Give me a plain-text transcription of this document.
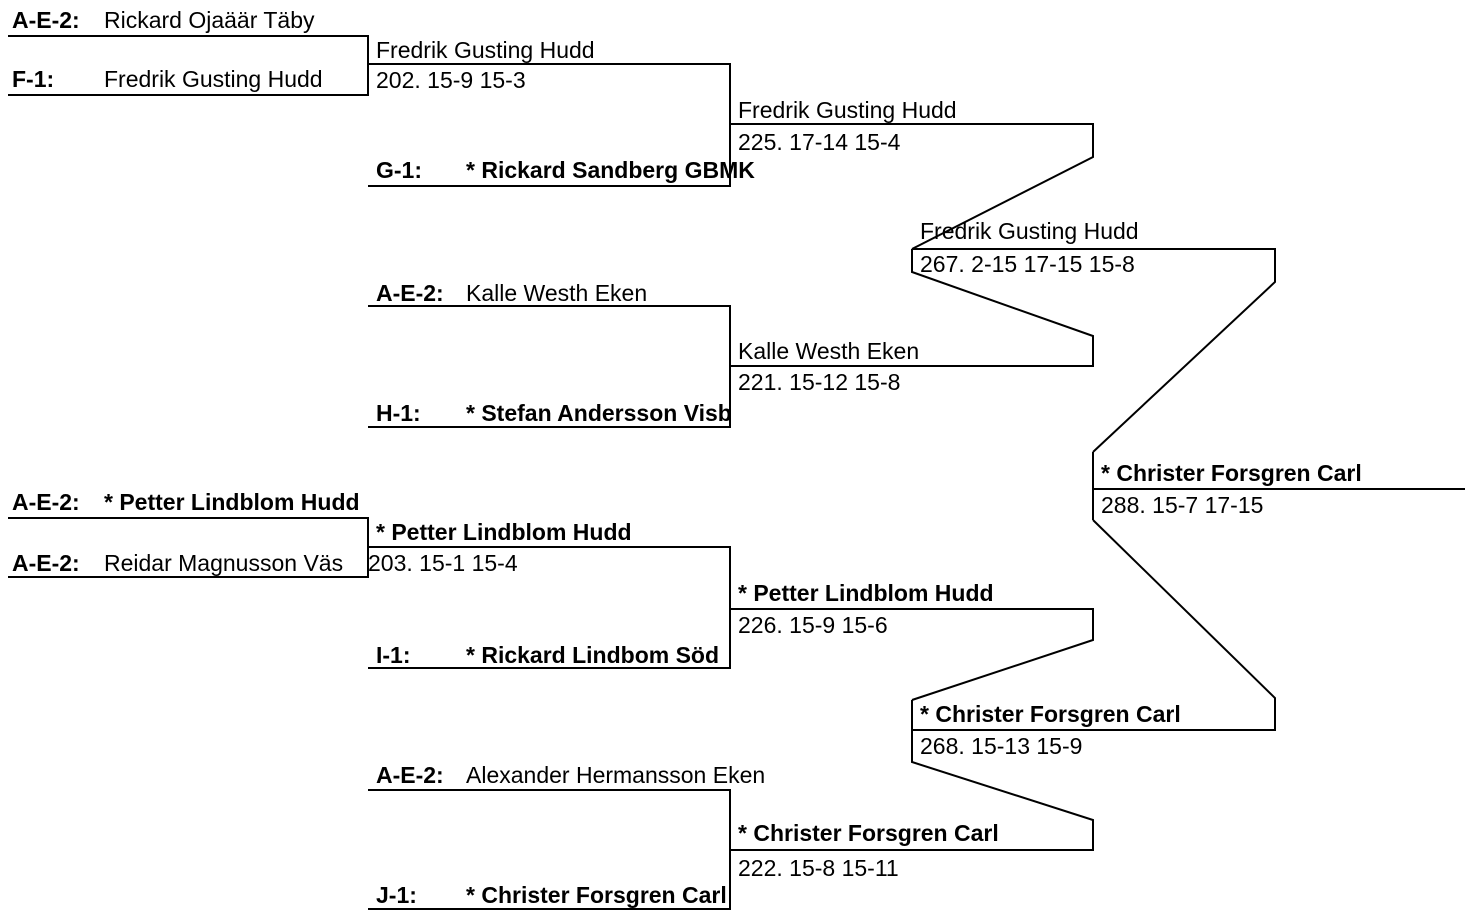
A-E-2: Rickard Ojaäär Täby
F-1: Fredrik Gusting Hudd
A-E-2: * Petter Lindblom Hudd
A-E-2: Reidar Magnusson Väs
Fredrik Gusting Hudd
202. 15-9 15-3
G-1: * Rickard Sandberg GBMK
A-E-2: Kalle Westh Eken
H-1: * Stefan Andersson Visb
* Petter Lindblom Hudd
203. 15-1 15-4
I-1: * Rickard Lindbom Söd
A-E-2: Alexander Hermansson Eken
J-1: * Christer Forsgren Carl
Fredrik Gusting Hudd
225. 17-14 15-4
Kalle Westh Eken
221. 15-12 15-8
* Petter Lindblom Hudd
226. 15-9 15-6
* Christer Forsgren Carl
222. 15-8 15-11
Fredrik Gusting Hudd
267. 2-15 17-15 15-8
* Christer Forsgren Carl
268. 15-13 15-9
* Christer Forsgren Carl
288. 15-7 17-15
